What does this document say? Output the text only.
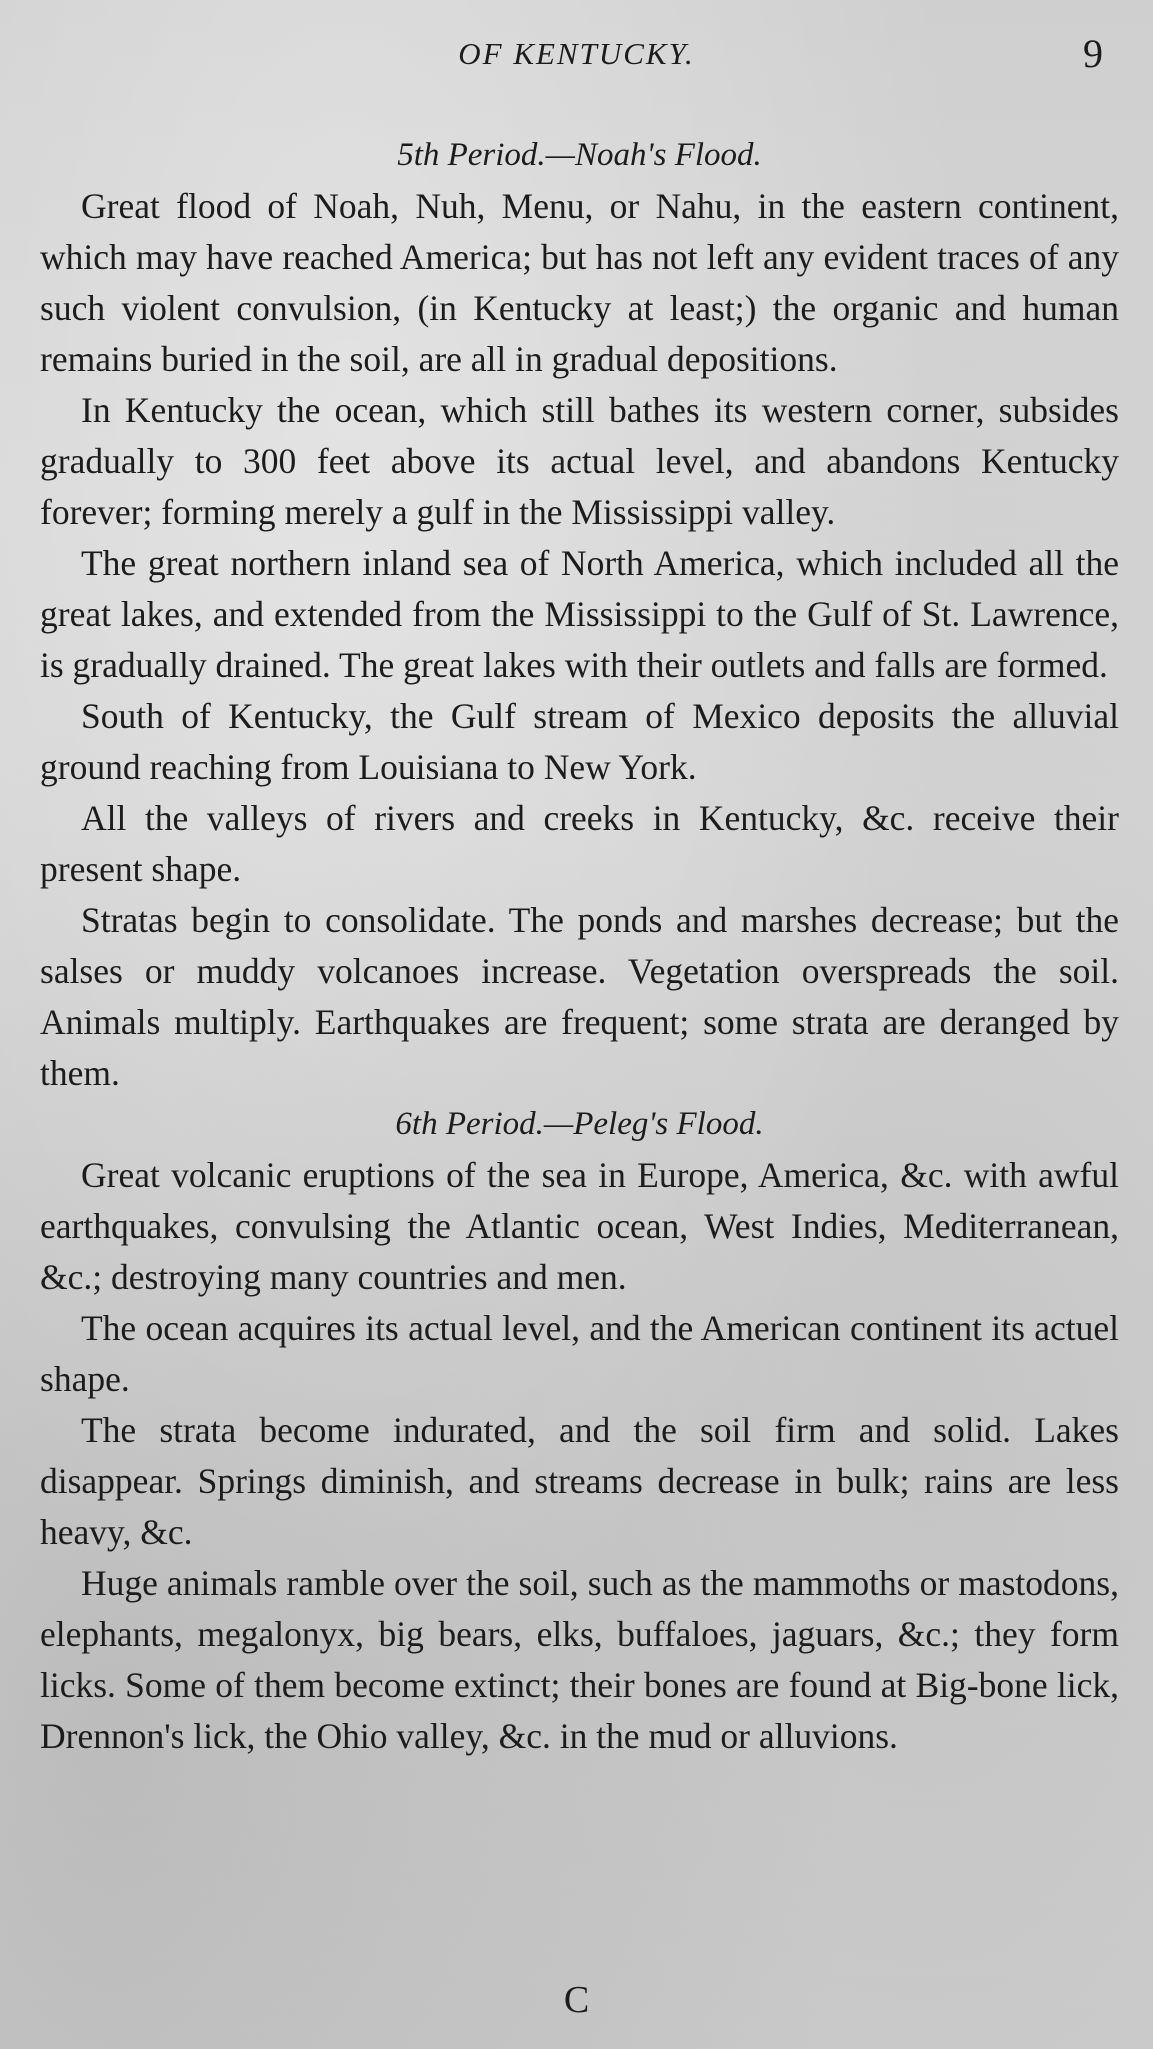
OF KENTUCKY.	9

5th Period.—Noah's Flood.

Great flood of Noah, Nuh, Menu, or Nahu, in the eastern continent, which may have reached America; but has not left any evident traces of any such violent convulsion, (in Kentucky at least;) the organic and human remains buried in the soil, are all in gradual depositions.

In Kentucky the ocean, which still bathes its western corner, subsides gradually to 300 feet above its actual level, and abandons Kentucky forever; forming merely a gulf in the Mississippi valley.

The great northern inland sea of North America, which included all the great lakes, and extended from the Mississippi to the Gulf of St. Lawrence, is gradually drained. The great lakes with their outlets and falls are formed.

South of Kentucky, the Gulf stream of Mexico deposits the alluvial ground reaching from Louisiana to New York.

All the valleys of rivers and creeks in Kentucky, &c. receive their present shape.

Stratas begin to consolidate. The ponds and marshes decrease; but the salses or muddy volcanoes increase. Vegetation overspreads the soil. Animals multiply. Earthquakes are frequent; some strata are deranged by them.

6th Period.—Peleg's Flood.

Great volcanic eruptions of the sea in Europe, America, &c. with awful earthquakes, convulsing the Atlantic ocean, West Indies, Mediterranean, &c.; destroying many countries and men.

The ocean acquires its actual level, and the American continent its actuel shape.

The strata become indurated, and the soil firm and solid. Lakes disappear. Springs diminish, and streams decrease in bulk; rains are less heavy, &c.

Huge animals ramble over the soil, such as the mammoths or mastodons, elephants, megalonyx, big bears, elks, buffaloes, jaguars, &c.; they form licks. Some of them become extinct; their bones are found at Big-bone lick, Drennon's lick, the Ohio valley, &c. in the mud or alluvions.

C
